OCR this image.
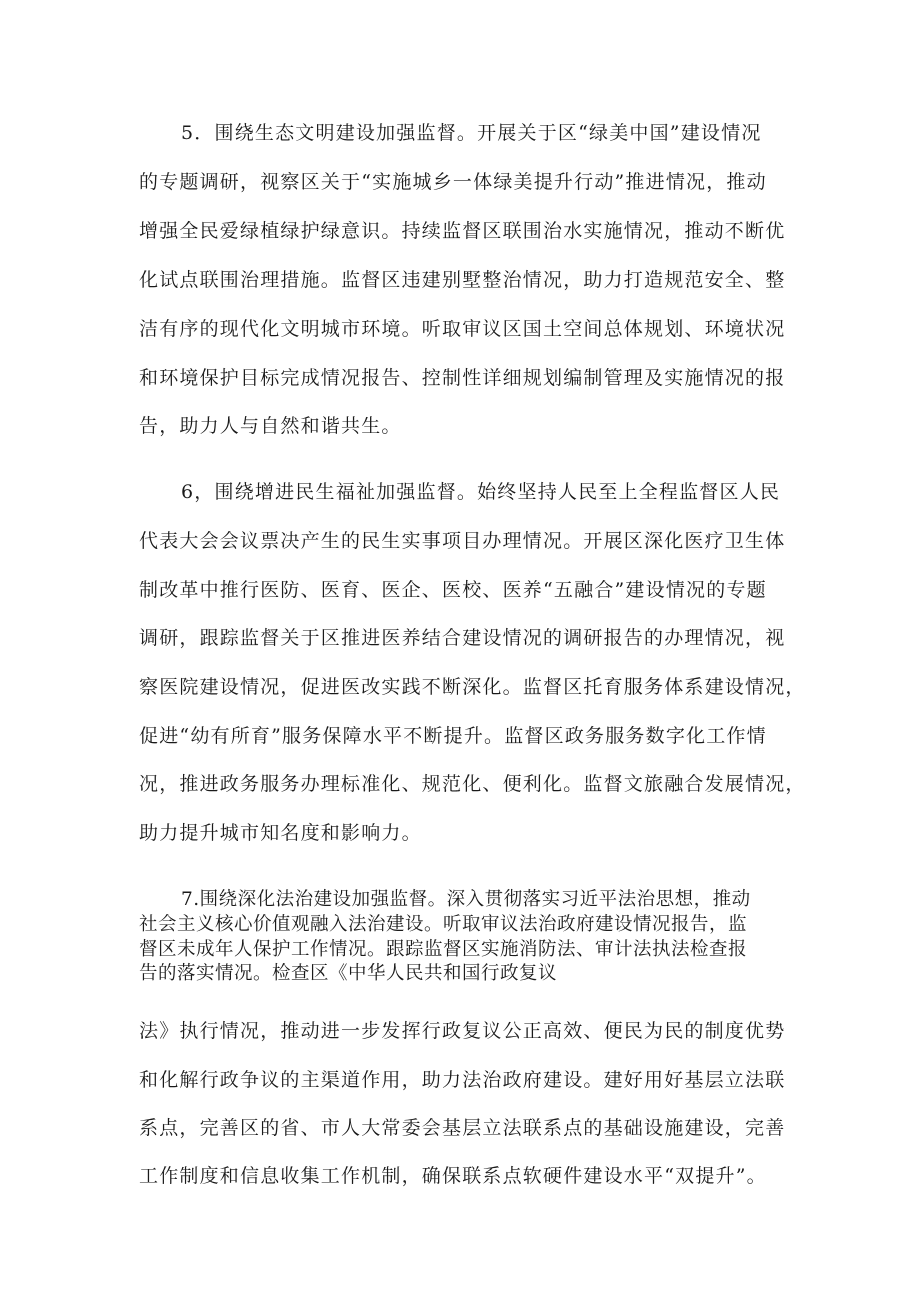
5．围绕生态文明建设加强监督。开展关于区“绿美中国”建设情况
的专题调研，视察区关于“实施城乡一体绿美提升行动”推进情况，推动
增强全民爱绿植绿护绿意识。持续监督区联围治水实施情况，推动不断优
化试点联围治理措施。监督区违建别墅整治情况，助力打造规范安全、整
洁有序的现代化文明城市环境。听取审议区国土空间总体规划、环境状况
和环境保护目标完成情况报告、控制性详细规划编制管理及实施情况的报
告，助力人与自然和谐共生。
6，围绕增进民生福祉加强监督。始终坚持人民至上全程监督区人民
代表大会会议票决产生的民生实事项目办理情况。开展区深化医疗卫生体
制改革中推行医防、医育、医企、医校、医养“五融合”建设情况的专题
调研，跟踪监督关于区推进医养结合建设情况的调研报告的办理情况，视
察医院建设情况，促进医改实践不断深化。监督区托育服务体系建设情况，
促进“幼有所育”服务保障水平不断提升。监督区政务服务数字化工作情
况，推进政务服务办理标准化、规范化、便利化。监督文旅融合发展情况，
助力提升城市知名度和影响力。
7.围绕深化法治建设加强监督。深入贯彻落实习近平法治思想，推动
社会主义核心价值观融入法治建设。听取审议法治政府建设情况报告，监
督区未成年人保护工作情况。跟踪监督区实施消防法、审计法执法检查报
告的落实情况。检查区《中华人民共和国行政复议
法》执行情况，推动进一步发挥行政复议公正高效、便民为民的制度优势
和化解行政争议的主渠道作用，助力法治政府建设。建好用好基层立法联
系点，完善区的省、市人大常委会基层立法联系点的基础设施建设，完善
工作制度和信息收集工作机制，确保联系点软硬件建设水平“双提升”。
